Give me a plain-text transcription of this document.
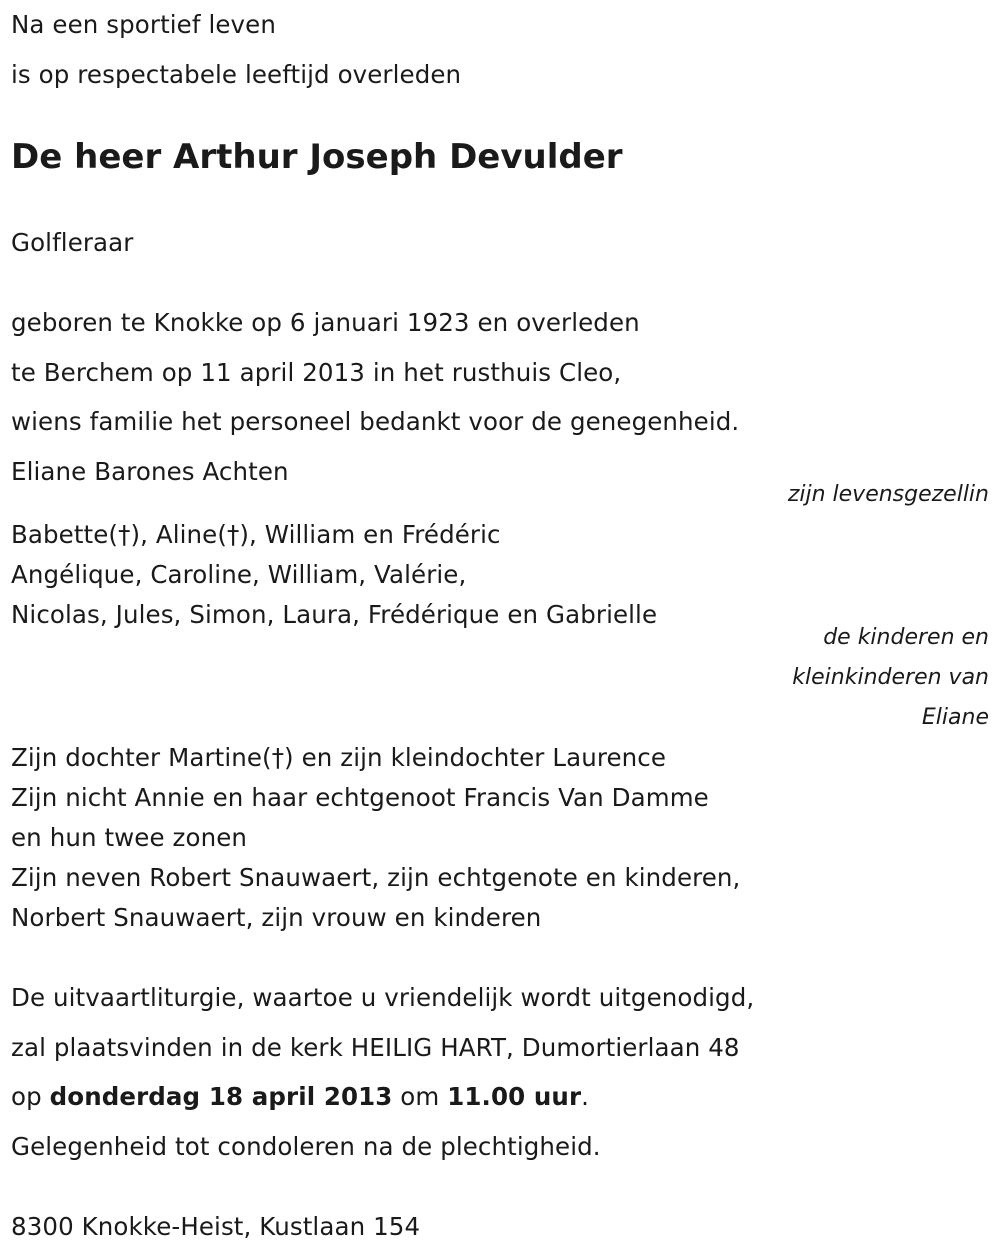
Na een sportief leven
is op respectabele leeftijd overleden
De heer Arthur Joseph Devulder
Golfleraar
geboren te Knokke op 6 januari 1923 en overleden
te Berchem op 11 april 2013 in het rusthuis Cleo,
wiens familie het personeel bedankt voor de genegenheid.
Eliane Barones Achten
zijn levensgezellin
Babette(†), Aline(†), William en Frédéric
Angélique, Caroline, William, Valérie,
Nicolas, Jules, Simon, Laura, Frédérique en Gabrielle
de kinderen en
kleinkinderen van
Eliane
Zijn dochter Martine(†) en zijn kleindochter Laurence
Zijn nicht Annie en haar echtgenoot Francis Van Damme
en hun twee zonen
Zijn neven Robert Snauwaert, zijn echtgenote en kinderen,
Norbert Snauwaert, zijn vrouw en kinderen
De uitvaartliturgie, waartoe u vriendelijk wordt uitgenodigd,
zal plaatsvinden in de kerk HEILIG HART, Dumortierlaan 48
op donderdag 18 april 2013 om 11.00 uur.
Gelegenheid tot condoleren na de plechtigheid.
8300 Knokke-Heist, Kustlaan 154
